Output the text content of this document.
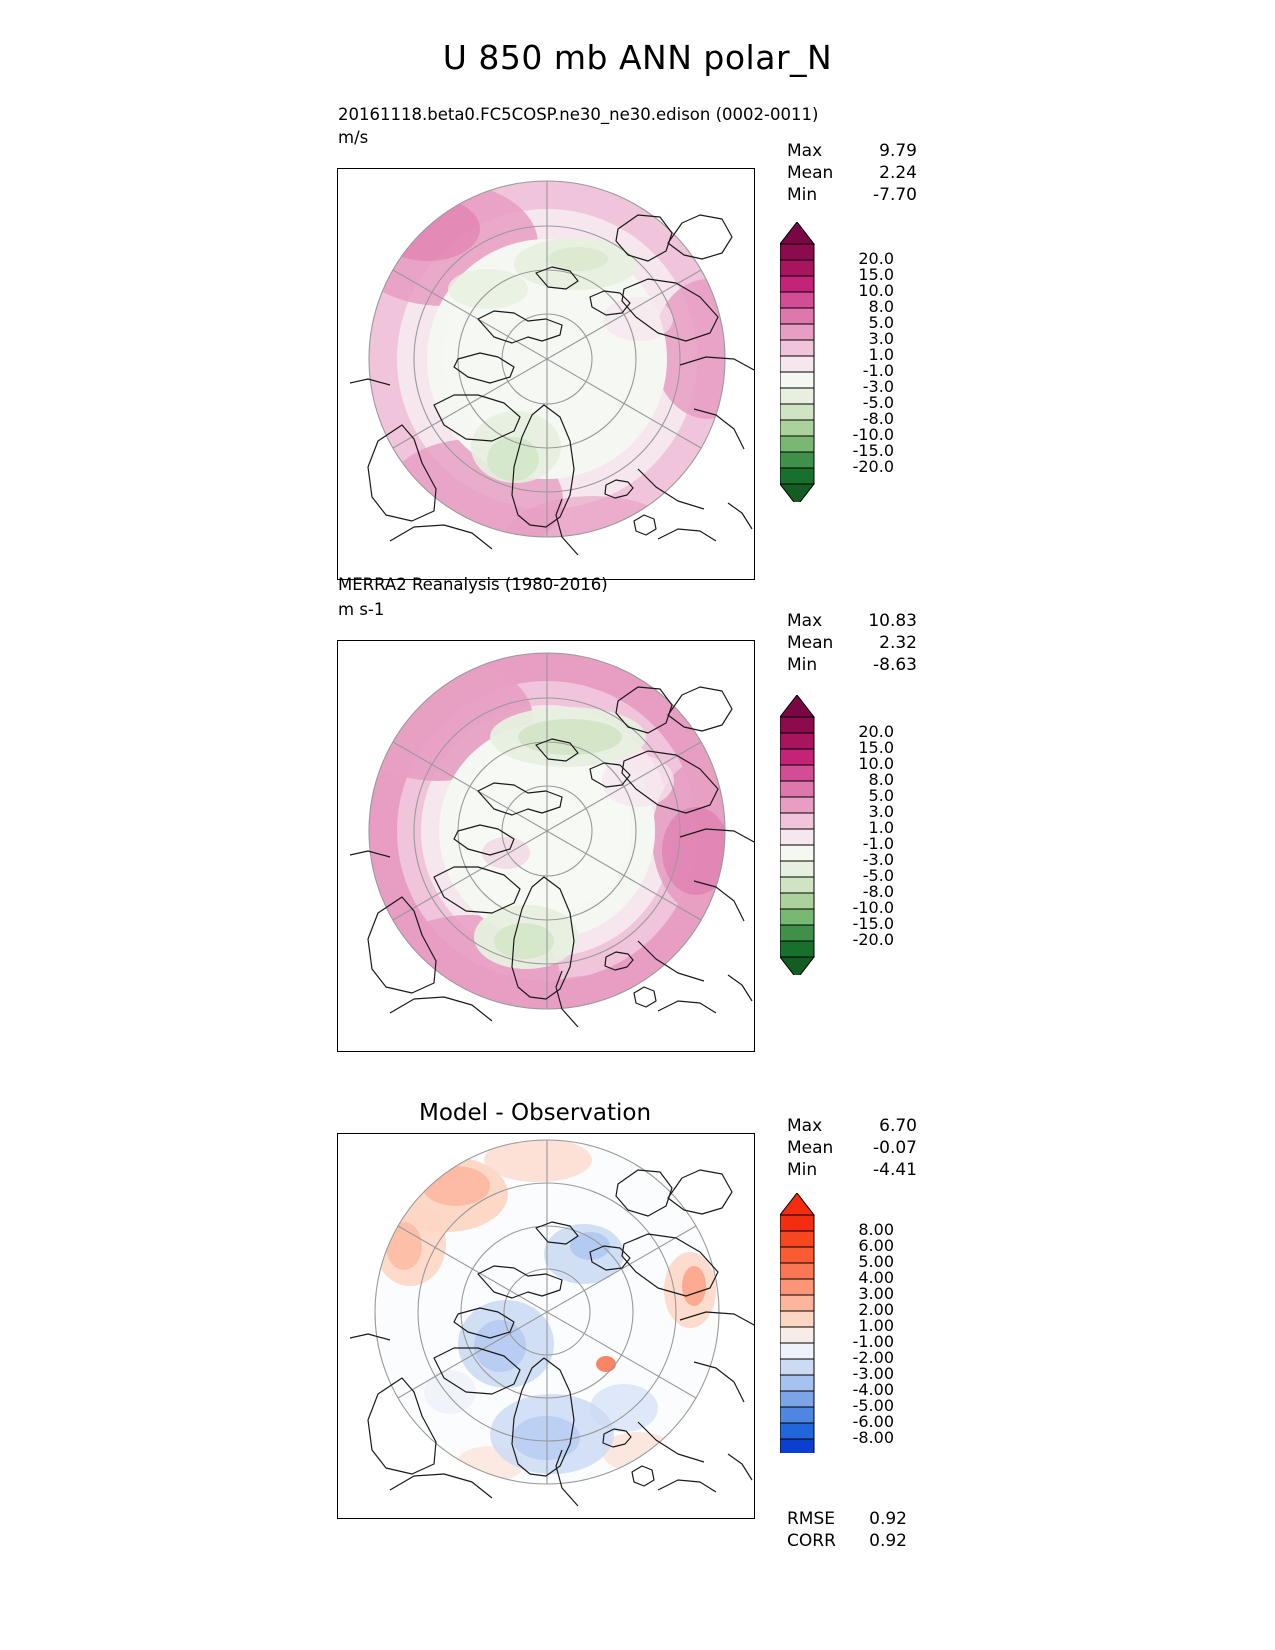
U 850 mb ANN polar_N
20161118.beta0.FC5COSP.ne30_ne30.edison (0002-0011)
m/s
Max	9.79
Mean	2.24
Min	-7.70
20.0
15.0
10.0
8.0
5.0
3.0
1.0
-1.0
-3.0
-5.0
-8.0
-10.0
-15.0
-20.0
MERRA2 Reanalysis (1980-2016)
m s-1
Max	10.83
Mean	2.32
Min	-8.63
20.0
15.0
10.0
8.0
5.0
3.0
1.0
-1.0
-3.0
-5.0
-8.0
-10.0
-15.0
-20.0
Model - Observation	Max	6.70
Mean -0.07
Min	-4.41
8.00
6.00
5.00
4.00
3.00
2.00
1.00
-1.00
-2.00
-3.00
-4.00
-5.00
-6.00
-8.00
RMSE 0.92
CORR 0.92
